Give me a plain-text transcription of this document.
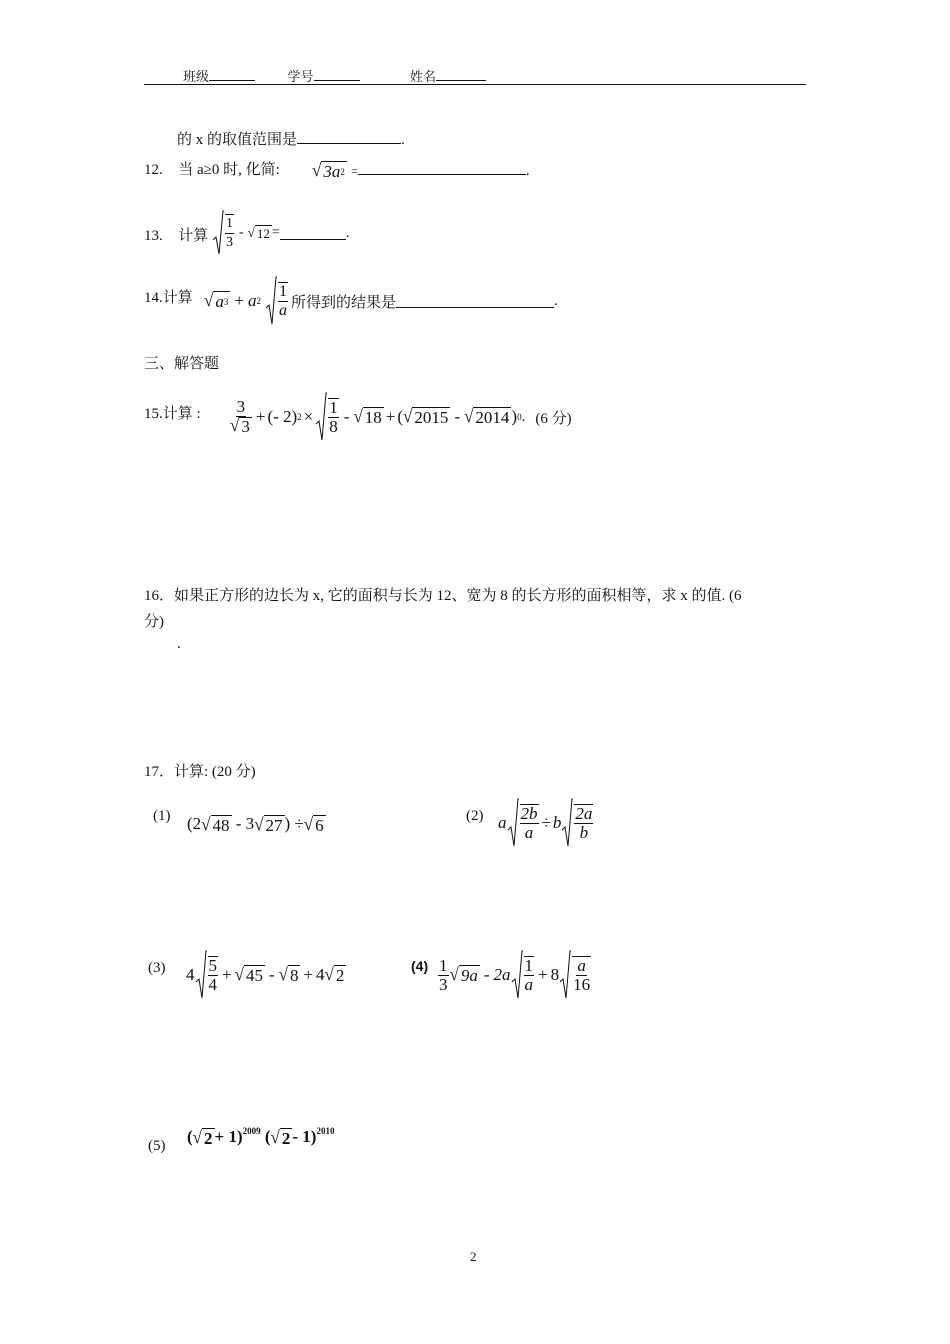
班级	学号	姓名
的 x 的取值范围是	.
12. 当 a≥0 时, 化简: √ 3a 2 =	.
13. 计算 $\frac{1}{3}$ - √ 12 =	.
14.计算 √ a 3 + a $2 \frac{1}{a}$ 所得到的结果是	.
三、解答题
15.计算 : $\frac{3}{√ 3}$ + (- 2) $2 \times \frac{1}{8}$ - √ 18 + ( √ 2015 - √ 2014 ) 0 . (6 分)
16．如果正方形的边长为 x, 它的面积与长为 12、宽为 8 的长方形的面积相等，求 x 的值. (6
分)
.
17．计算: (20 分)
(1) (2 √ 48 - 3 √ 27 ) ÷ √ 6	(2) a $\frac{2b}{a} \div b \frac{2a}{b}$
(3) $4 \frac{5}{4}$ + √ 45 - √ 8 + 4 √ 2	$(4) \frac{1}{3}$ √ $9a - 2a \frac{1}{a} + 8 \frac{a}{16}$
(5) ( √ 2 + 1)$^{2009}$ ( √ 2 - 1)$^{2010}$
2
